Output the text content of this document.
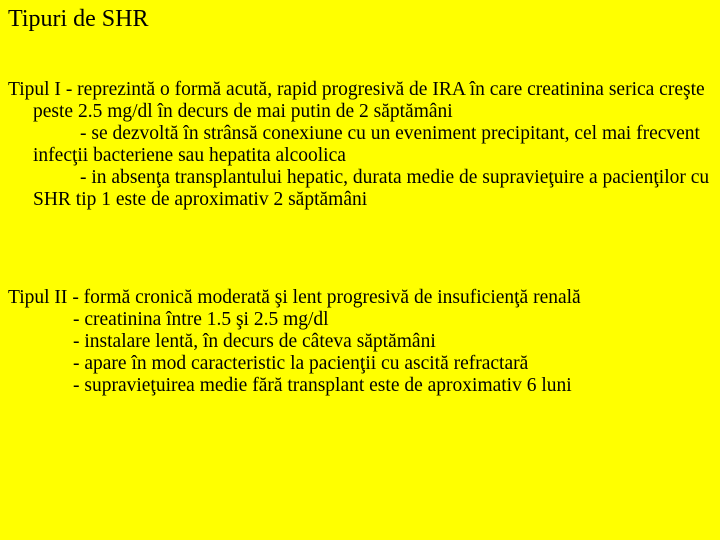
Tipuri de SHR

Tipul I - reprezintă o formă acută, rapid progresivă de IRA în care creatinina serica creşte peste 2.5 mg/dl în decurs de mai putin de 2 săptămâni

- se dezvoltă în strânsă conexiune cu un eveniment precipitant, cel mai frecvent infecţii bacteriene sau hepatita alcoolica

- in absenţa transplantului hepatic, durata medie de supravieţuire a pacienţilor cu SHR tip 1 este de aproximativ 2 săptămâni

Tipul II - formă cronică moderată şi lent progresivă de insuficienţă renală

- creatinina între 1.5 şi 2.5 mg/dl

- instalare lentă, în decurs de câteva săptămâni

- apare în mod caracteristic la pacienţii cu ascită refractară

- supravieţuirea medie fără transplant este de aproximativ 6 luni
